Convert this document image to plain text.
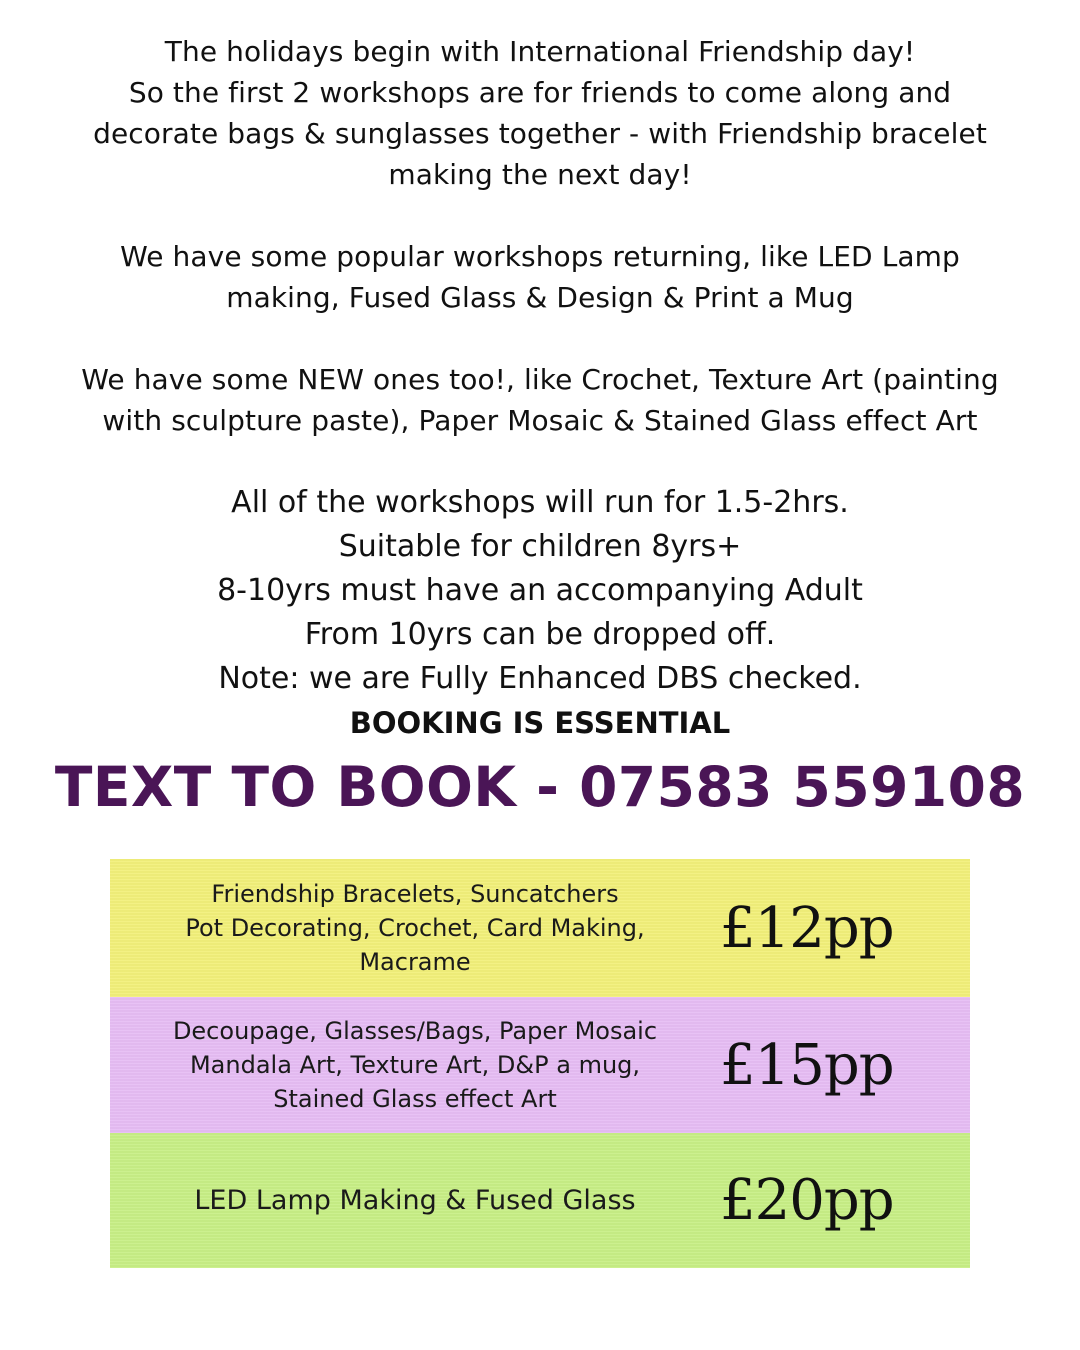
The holidays begin with International Friendship day!
So the first 2 workshops are for friends to come along and
decorate bags & sunglasses together - with Friendship bracelet
making the next day!
We have some popular workshops returning, like LED Lamp
making, Fused Glass & Design & Print a Mug
We have some NEW ones too!, like Crochet, Texture Art (painting
with sculpture paste), Paper Mosaic & Stained Glass effect Art
All of the workshops will run for 1.5-2hrs.
Suitable for children 8yrs+
8-10yrs must have an accompanying Adult
From 10yrs can be dropped off.
Note: we are Fully Enhanced DBS checked.
BOOKING IS ESSENTIAL
TEXT TO BOOK - 07583 559108
Friendship Bracelets, Suncatchers
Pot Decorating, Crochet, Card Making,
Macrame
£12pp
Decoupage, Glasses/Bags, Paper Mosaic
Mandala Art, Texture Art, D&P a mug,
Stained Glass effect Art
£15pp
LED Lamp Making & Fused Glass	£20pp
